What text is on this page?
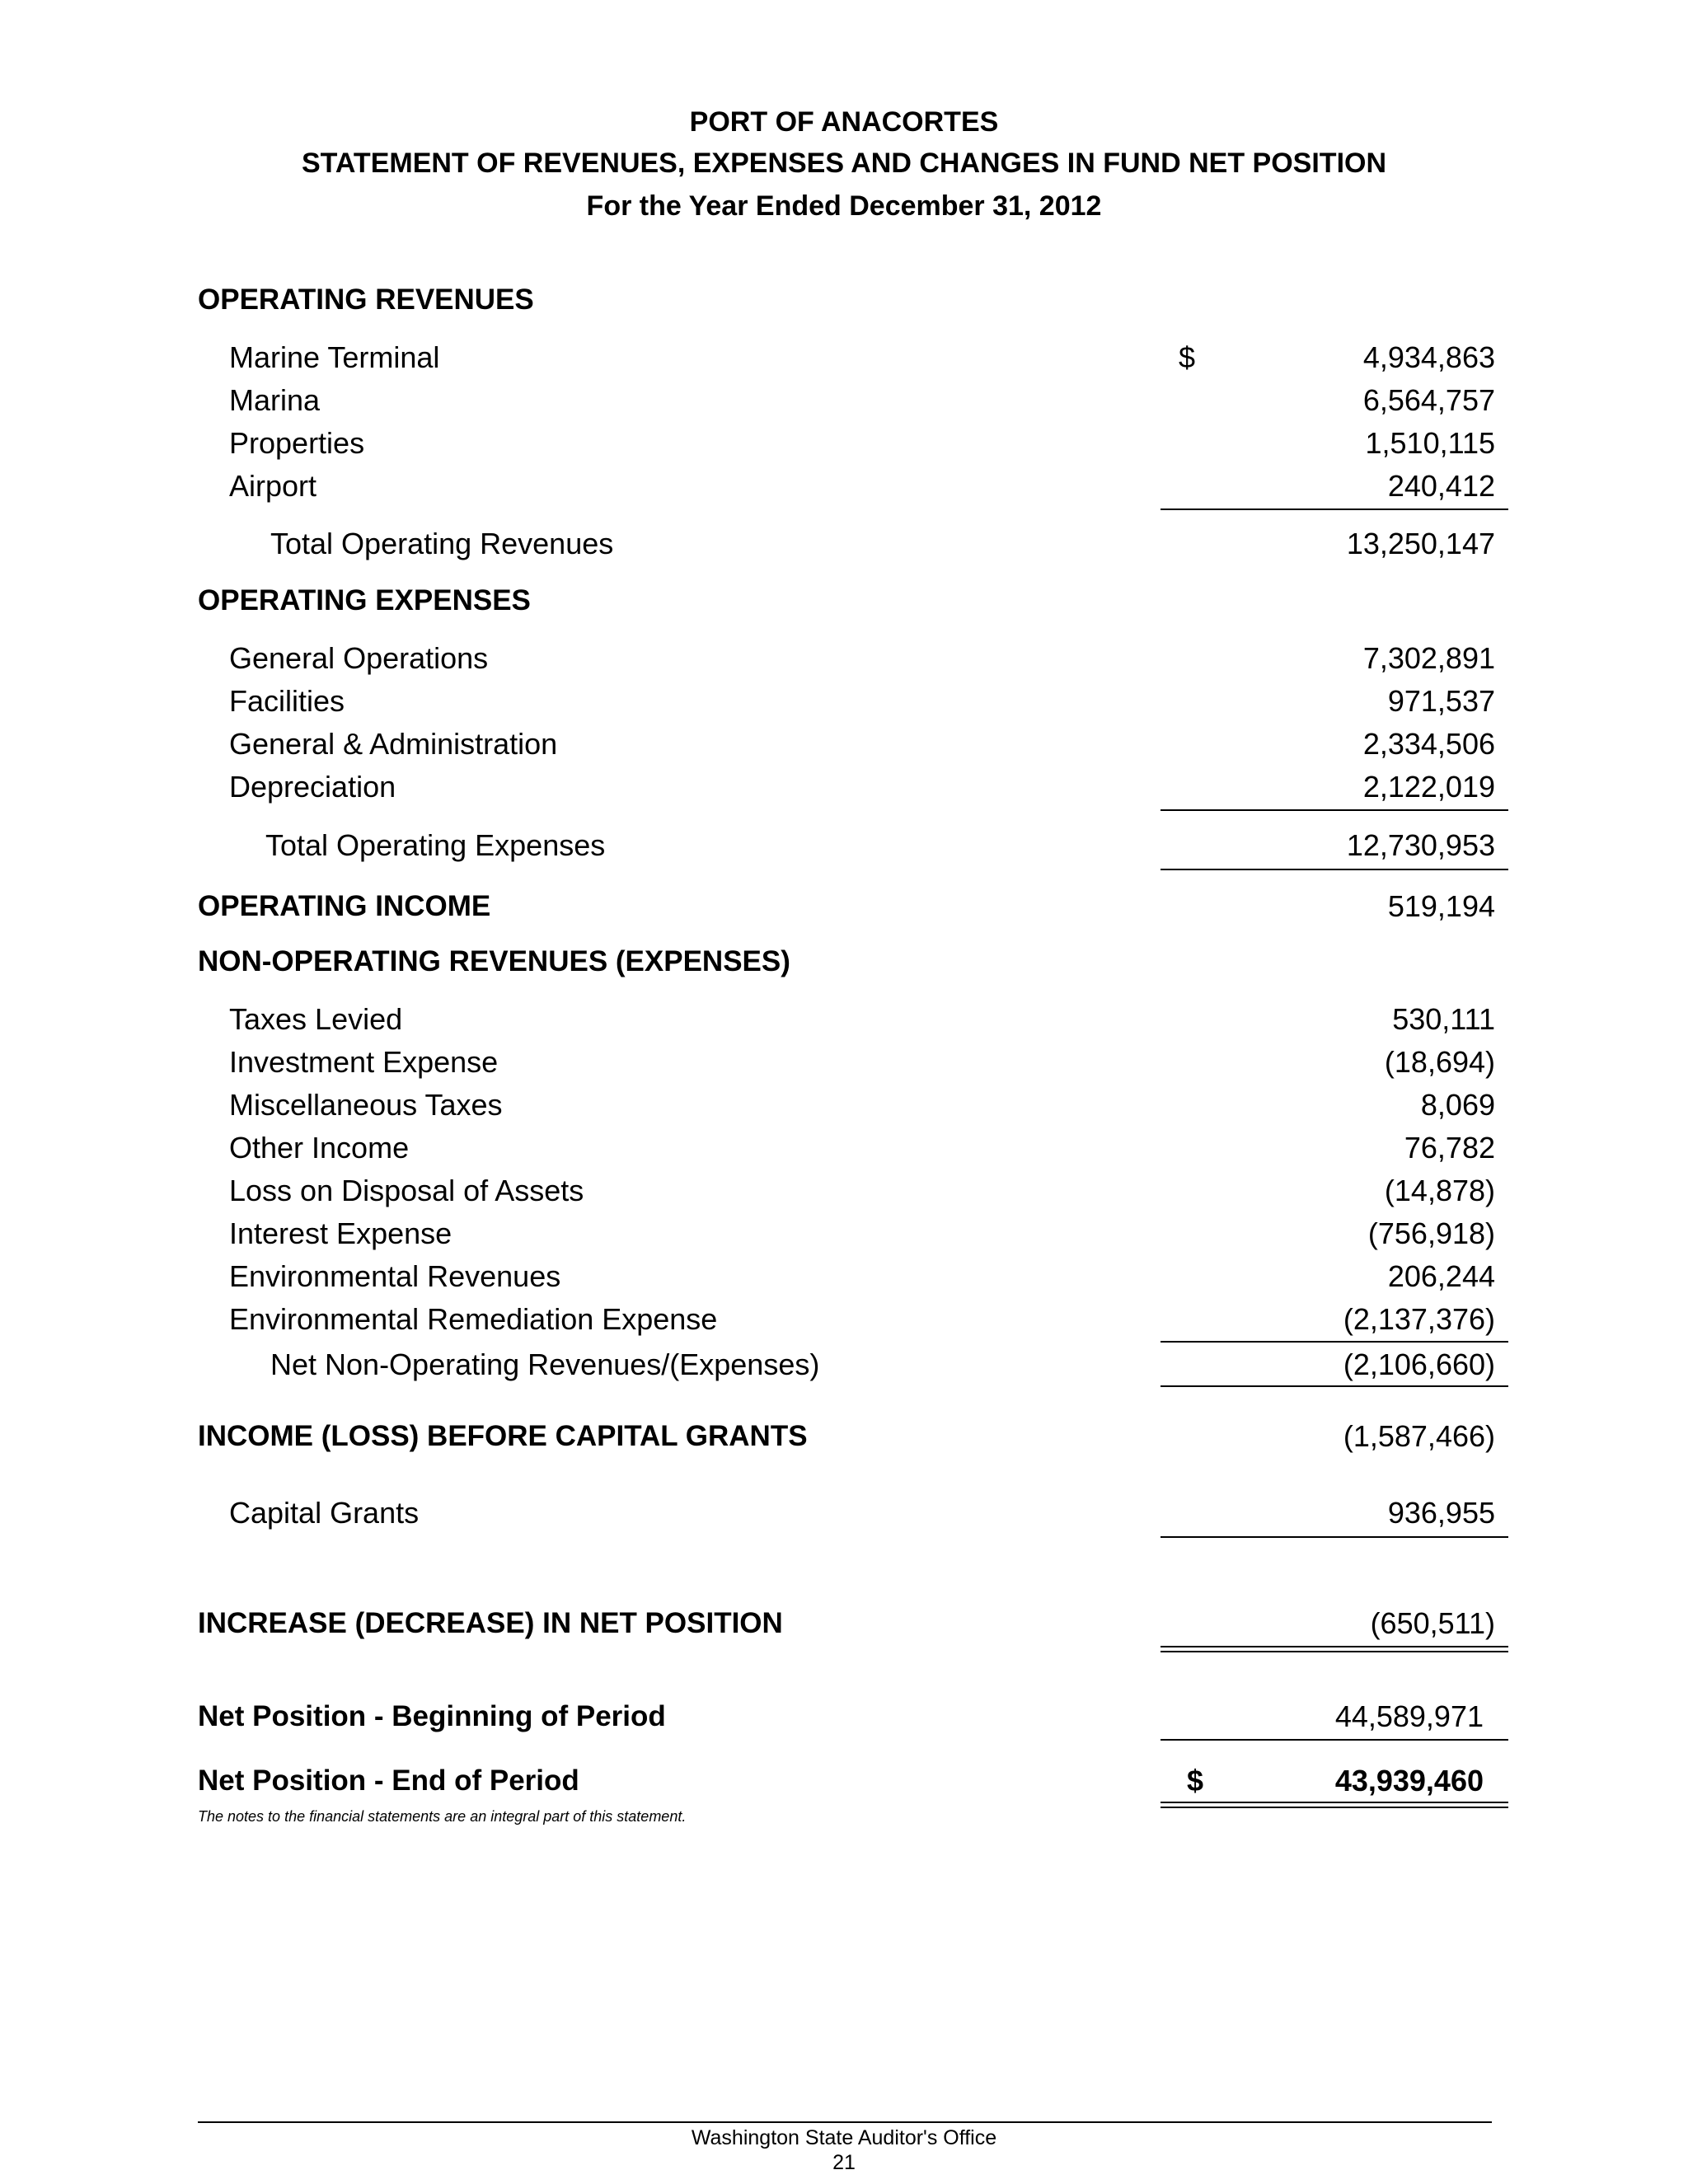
PORT OF ANACORTES
STATEMENT OF REVENUES, EXPENSES AND CHANGES IN FUND NET POSITION
For the Year Ended December 31, 2012
OPERATING REVENUES
Marine Terminal	$	4,934,863
Marina	6,564,757
Properties	1,510,115
Airport	240,412
Total Operating Revenues	13,250,147
OPERATING EXPENSES
General Operations	7,302,891
Facilities	971,537
General & Administration	2,334,506
Depreciation	2,122,019
Total Operating Expenses	12,730,953
OPERATING INCOME	519,194
NON-OPERATING REVENUES (EXPENSES)
Taxes Levied	530,111
Investment Expense	(18,694)
Miscellaneous Taxes	8,069
Other Income	76,782
Loss on Disposal of Assets	(14,878)
Interest Expense	(756,918)
Environmental Revenues	206,244
Environmental Remediation Expense	(2,137,376)
Net Non-Operating Revenues/(Expenses)	(2,106,660)
INCOME (LOSS) BEFORE CAPITAL GRANTS	(1,587,466)
Capital Grants	936,955
INCREASE (DECREASE) IN NET POSITION	(650,511)
Net Position - Beginning of Period	44,589,971
Net Position - End of Period	$	43,939,460
The notes to the financial statements are an integral part of this statement.
Washington State Auditor's Office
21
